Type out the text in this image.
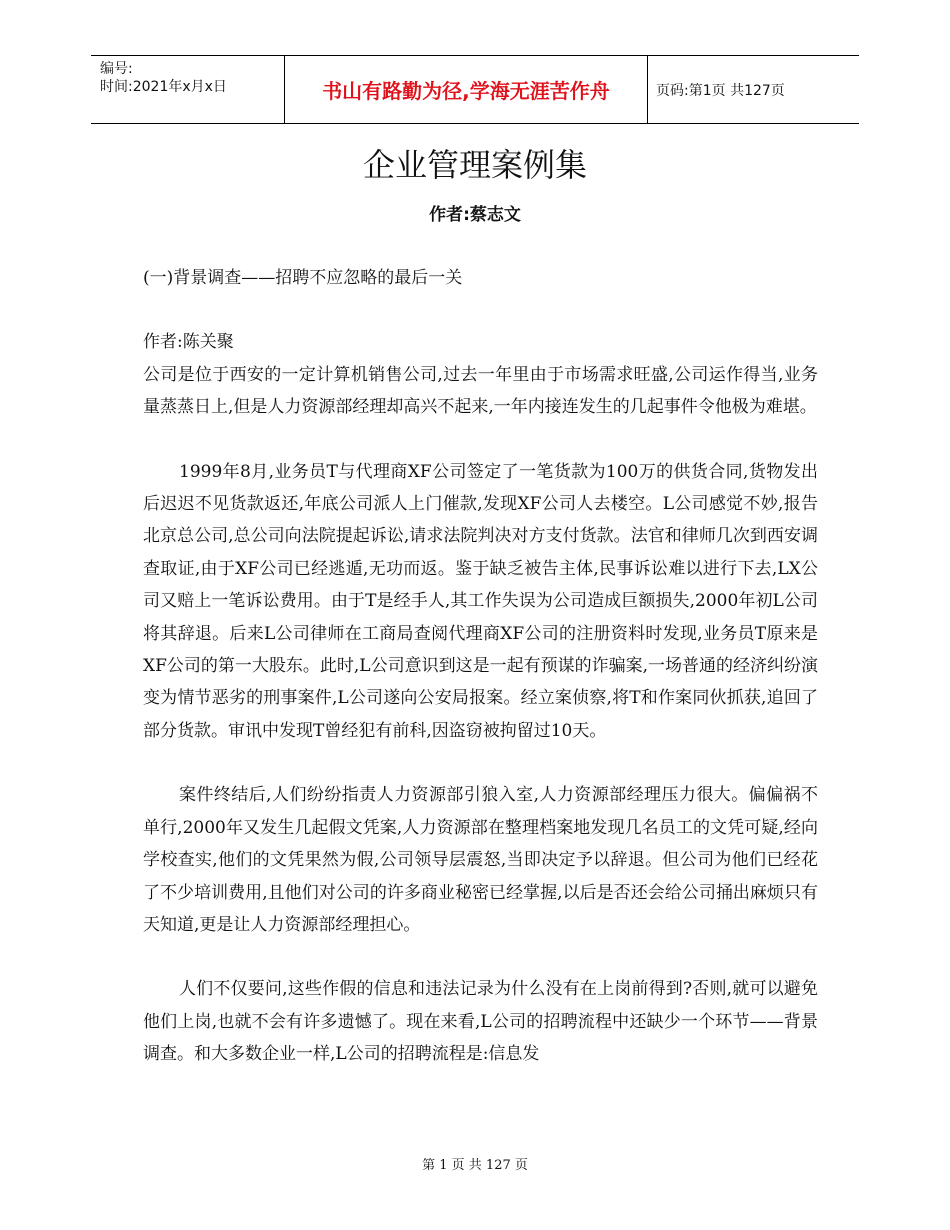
编号:
时间:2021年x月x日	书山有路勤为径,学海无涯苦作舟	页码:第1页 共127页
企业管理案例集
作者:蔡志文

(一)背景调查——招聘不应忽略的最后一关

作者:陈关聚

公司是位于西安的一定计算机销售公司,过去一年里由于市场需求旺盛,公司运作得当,业务量蒸蒸日上,但是人力资源部经理却高兴不起来,一年内接连发生的几起事件令他极为难堪。

1999年8月,业务员T与代理商XF公司签定了一笔货款为100万的供货合同,货物发出后迟迟不见货款返还,年底公司派人上门催款,发现XF公司人去楼空。L公司感觉不妙,报告北京总公司,总公司向法院提起诉讼,请求法院判决对方支付货款。法官和律师几次到西安调查取证,由于XF公司已经逃遁,无功而返。鉴于缺乏被告主体,民事诉讼难以进行下去,LX公司又赔上一笔诉讼费用。由于T是经手人,其工作失误为公司造成巨额损失,2000年初L公司将其辞退。后来L公司律师在工商局查阅代理商XF公司的注册资料时发现,业务员T原来是XF公司的第一大股东。此时,L公司意识到这是一起有预谋的诈骗案,一场普通的经济纠纷演变为情节恶劣的刑事案件,L公司遂向公安局报案。经立案侦察,将T和作案同伙抓获,追回了部分货款。审讯中发现T曾经犯有前科,因盗窃被拘留过10天。

案件终结后,人们纷纷指责人力资源部引狼入室,人力资源部经理压力很大。偏偏祸不单行,2000年又发生几起假文凭案,人力资源部在整理档案地发现几名员工的文凭可疑,经向学校查实,他们的文凭果然为假,公司领导层震怒,当即决定予以辞退。但公司为他们已经花了不少培训费用,且他们对公司的许多商业秘密已经掌握,以后是否还会给公司捅出麻烦只有天知道,更是让人力资源部经理担心。

人们不仅要问,这些作假的信息和违法记录为什么没有在上岗前得到?否则,就可以避免他们上岗,也就不会有许多遗憾了。现在来看,L公司的招聘流程中还缺少一个环节——背景调查。和大多数企业一样,L公司的招聘流程是:信息发

第 1 页 共 127 页
